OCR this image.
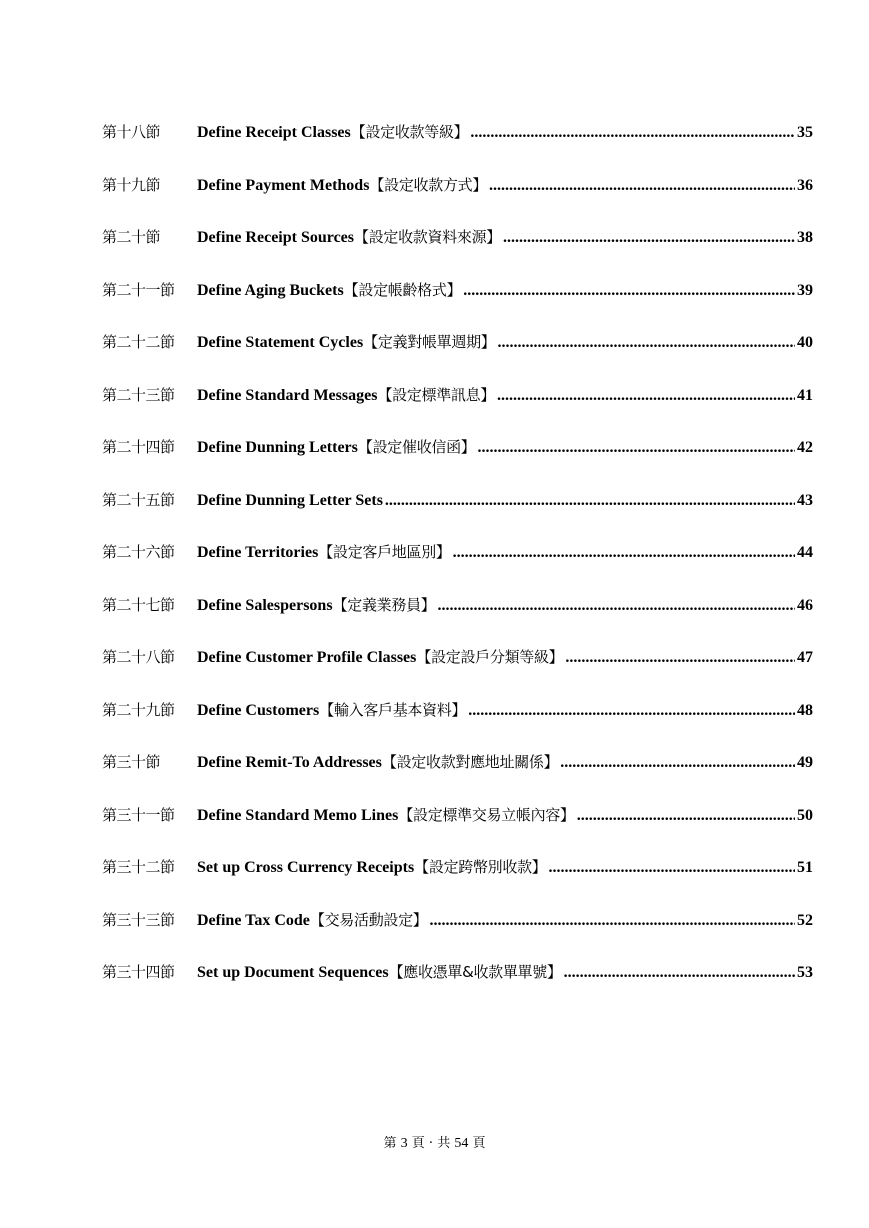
第十八節	Define Receipt Classes 【設定收款等級】 .....	35
第十九節	Define Payment Methods 【設定收款方式】 .....	36
第二十節	Define Receipt Sources 【設定收款資料來源】 .....	38
第二十一節	Define Aging Buckets 【設定帳齡格式】 .....	39
第二十二節	Define Statement Cycles 【定義對帳單週期】 .....	40
第二十三節	Define Standard Messages 【設定標準訊息】 .....	41
第二十四節	Define Dunning Letters 【設定催收信函】 .....	42
第二十五節	Define Dunning Letter Sets .....	43
第二十六節	Define Territories 【設定客戶地區別】 .....	44
第二十七節	Define Salespersons 【定義業務員】 .....	46
第二十八節	Define Customer Profile Classes 【設定設戶分類等級】 .....	47
第二十九節	Define Customers 【輸入客戶基本資料】 .....	48
第三十節	Define Remit-To Addresses 【設定收款對應地址關係】 .....	49
第三十一節	Define Standard Memo Lines 【設定標準交易立帳內容】 .....	50
第三十二節	Set up Cross Currency Receipts 【設定跨幣別收款】 .....	51
第三十三節	Define Tax Code 【交易活動設定】 .....	52
第三十四節	Set up Document Sequences 【應收憑單&收款單單號】 .....	53
第 3 頁 · 共 54 頁
